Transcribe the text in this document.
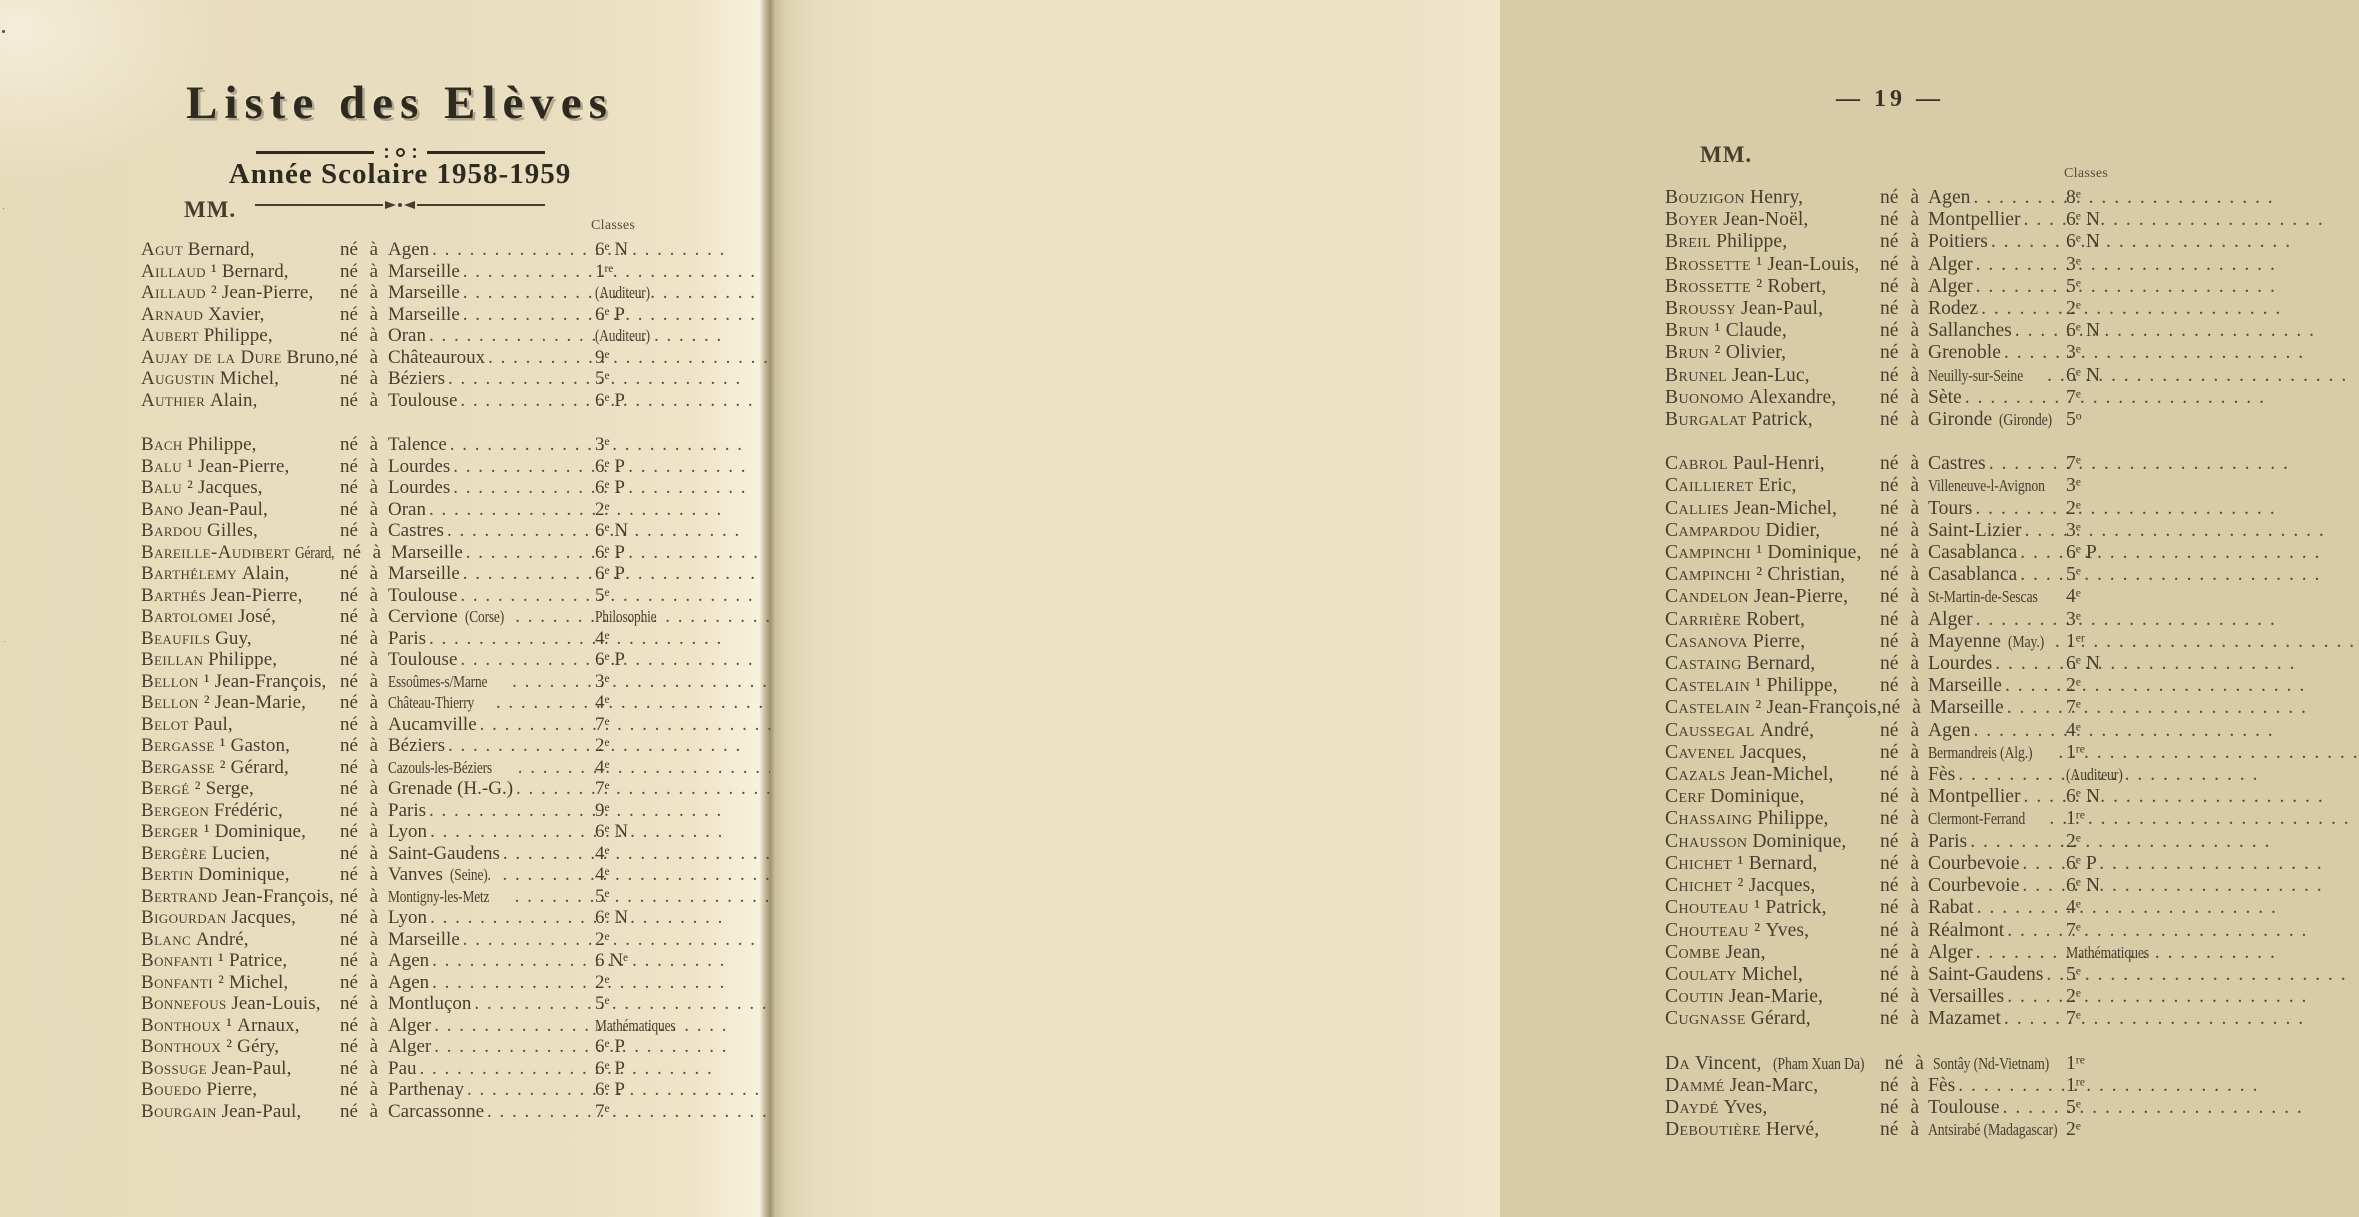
Liste des Elèves
Année Scolaire 1958-1959
MM.
Classes
Agut Bernard,	né à Agen . . .	6e N
Aillaud ¹ Bernard,	né à Marseille . . .	1re
Aillaud ² Jean-Pierre,	né à Marseille . . .	(Auditeur)
Arnaud Xavier,	né à Marseille . . .	6e P
Aubert Philippe,	né à Oran . . .	(Auditeur)
Aujay de la Dure Bruno, né à Châteauroux . . .	9e
Augustin Michel,	né à Béziers . . .	5e
Authier Alain,	né à Toulouse . . .	6e P
Bach Philippe,	né à Talence . . .	3e
Balu ¹ Jean-Pierre,	né à Lourdes . . .	6e P
Balu ² Jacques,	né à Lourdes . . .	6e P
Bano Jean-Paul,	né à Oran . . .	2e
Bardou Gilles,	né à Castres . . .	6e N
Bareille-Audibert Gérard, né à Marseille . . .	6e P
Barthélemy Alain,	né à Marseille . . .	6e P
Barthés Jean-Pierre,	né à Toulouse . . .	5e
Bartolomei José,	né à Cervione (Corse) . . .	Philosophie
Beaufils Guy,	né à Paris . . .	4e
Beillan Philippe,	né à Toulouse . . .	6e P
Bellon ¹ Jean-François, né à Essoûmes-s/Marne . . .	3e
Bellon ² Jean-Marie,	né à Château-Thierry . . .	4e
Belot Paul,	né à Aucamville . . .	7e
Bergasse ¹ Gaston,	né à Béziers . . .	2e
Bergasse ² Gérard,	né à Cazouls-les-Béziers . . .	4e
Bergé ² Serge,	né à Grenade (H.-G.) . . .	7e
Bergeon Frédéric,	né à Paris . . .	9e
Berger ¹ Dominique,	né à Lyon . . .	6e N
Bergère Lucien,	né à Saint-Gaudens . . .	4e
Bertin Dominique,	né à Vanves (Seine). . . .	4e
Bertrand Jean-François, né à Montigny-les-Metz . . .	5e
Bigourdan Jacques,	né à Lyon . . .	6e N
Blanc André,	né à Marseille . . .	2e
Bonfanti ¹ Patrice,	né à Agen . . .	6 $N^e$
Bonfanti ² Michel,	né à Agen . . .	2e
Bonnefous Jean-Louis,	né à Montluçon . . .	5e
Bonthoux ¹ Arnaux,	né à Alger . . .	Mathématiques
Bonthoux ² Géry,	né à Alger . . .	6e P
Bossuge Jean-Paul,	né à Pau . . .	6e P
Bouedo Pierre,	né à Parthenay . . .	6e P
Bourgain Jean-Paul,	né à Carcassonne . . .	7e
— 19 —
MM.
Classes
Bouzigon Henry,	né à Agen . . .	8e
Boyer Jean-Noël,	né à Montpellier . . . 6e N
Breil Philippe,	né à Poitiers . . .	6e N
Brossette ¹ Jean-Louis,	né à Alger . . .	3e
Brossette ² Robert,	né à Alger . . .	5e
Broussy Jean-Paul,	né à Rodez . . .	2e
Brun ¹ Claude,	né à Sallanches . . .	6e N
Brun ² Olivier,	né à Grenoble . . .	3e
Brunel Jean-Luc,	né à Neuilly-sur-Seine . . . 6e N
Buonomo Alexandre,	né à Sète . . .	7e
Burgalat Patrick,	né à Gironde (Gironde) 5$^o$
Cabrol Paul-Henri,	né à Castres . . .	7e
Caillieret Eric,	né à Villeneuve-l-Avignon 3e
Callies Jean-Michel,	né à Tours . . .	2e
Campardou Didier,	né à Saint-Lizier . . . 3e
Campinchi ¹ Dominique, né à Casablanca . . . 6e P
Campinchi ² Christian,	né à Casablanca . . . 5e
Candelon Jean-Pierre,	né à St-Martin-de-Sescas 4e
Carrière Robert,	né à Alger . . .	3e
Casanova Pierre,	né à Mayenne (May.) . . . 1er
Castaing Bernard,	né à Lourdes . . .	6e N
Castelain ¹ Philippe,	né à Marseille . . .	2e
Castelain ² Jean-François, né à Marseille . . .	7e
Caussegal André,	né à Agen . . .	4e
Cavenel Jacques,	né à Bermandreis (Alg.) . . . 1re
Cazals Jean-Michel,	né à Fès . . .	(Auditeur)
Cerf Dominique,	né à Montpellier . . . 6e N
Chassaing Philippe,	né à Clermont-Ferrand . . . 1re
Chausson Dominique,	né à Paris . . .	2e
Chichet ¹ Bernard,	né à Courbevoie . . . 6e P
Chichet ² Jacques,	né à Courbevoie . . . 6e N
Chouteau ¹ Patrick,	né à Rabat . . .	4e
Chouteau ² Yves,	né à Réalmont . . .	7e
Combe Jean,	né à Alger . . .	Mathématiques
Coulaty Michel,	né à Saint-Gaudens . . . 5e
Coutin Jean-Marie,	né à Versailles . . .	2e
Cugnasse Gérard,	né à Mazamet . . .	7e
Da Vincent, (Pham Xuan Da)	né à Sontây (Nd-Vietnam) 1re
Dammé Jean-Marc,	né à Fès . . .	1re
Daydé Yves,	né à Toulouse . . .	5e
Deboutière Hervé,	né à Antsirabé (Madagascar) 2e
